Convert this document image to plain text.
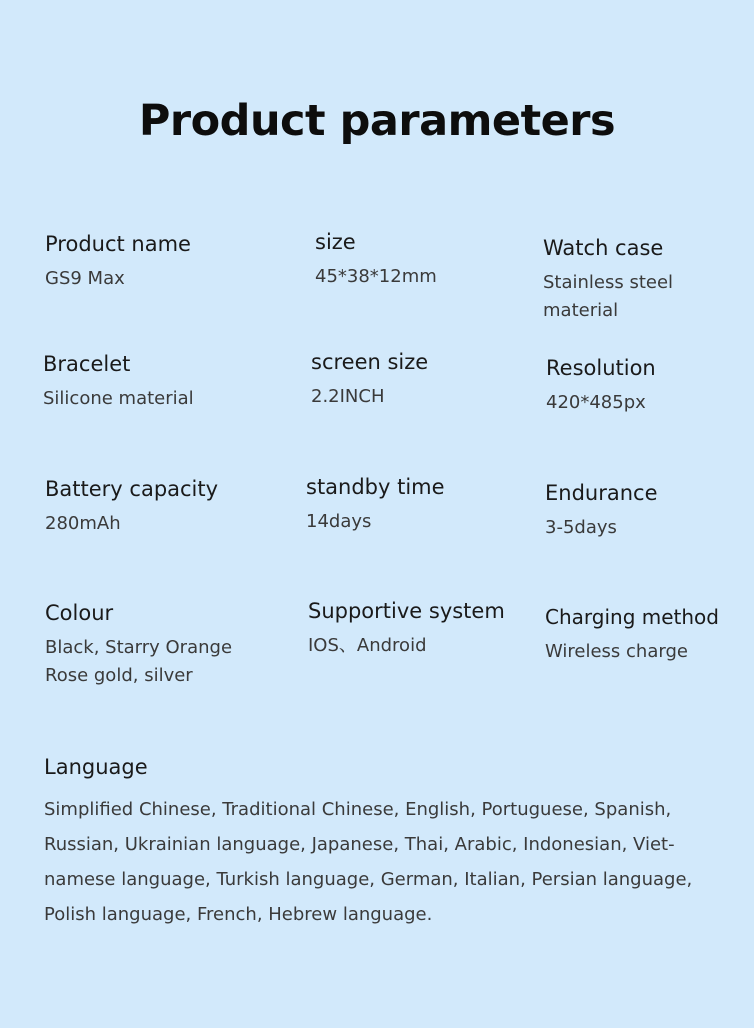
Product parameters
Product name
GS9 Max
size
45*38*12mm
Watch case
Stainless steel
material
Bracelet
Silicone material
screen size
2.2INCH
Resolution
420*485px
Battery capacity
280mAh
standby time
14days
Endurance
3-5days
Colour
Black, Starry Orange
Rose gold, silver
Supportive system
IOS、Android
Charging method
Wireless charge
Language
Simplified Chinese, Traditional Chinese, English, Portuguese, Spanish,
Russian, Ukrainian language, Japanese, Thai, Arabic, Indonesian, Viet-
namese language, Turkish language, German, Italian, Persian language,
Polish language, French, Hebrew language.
